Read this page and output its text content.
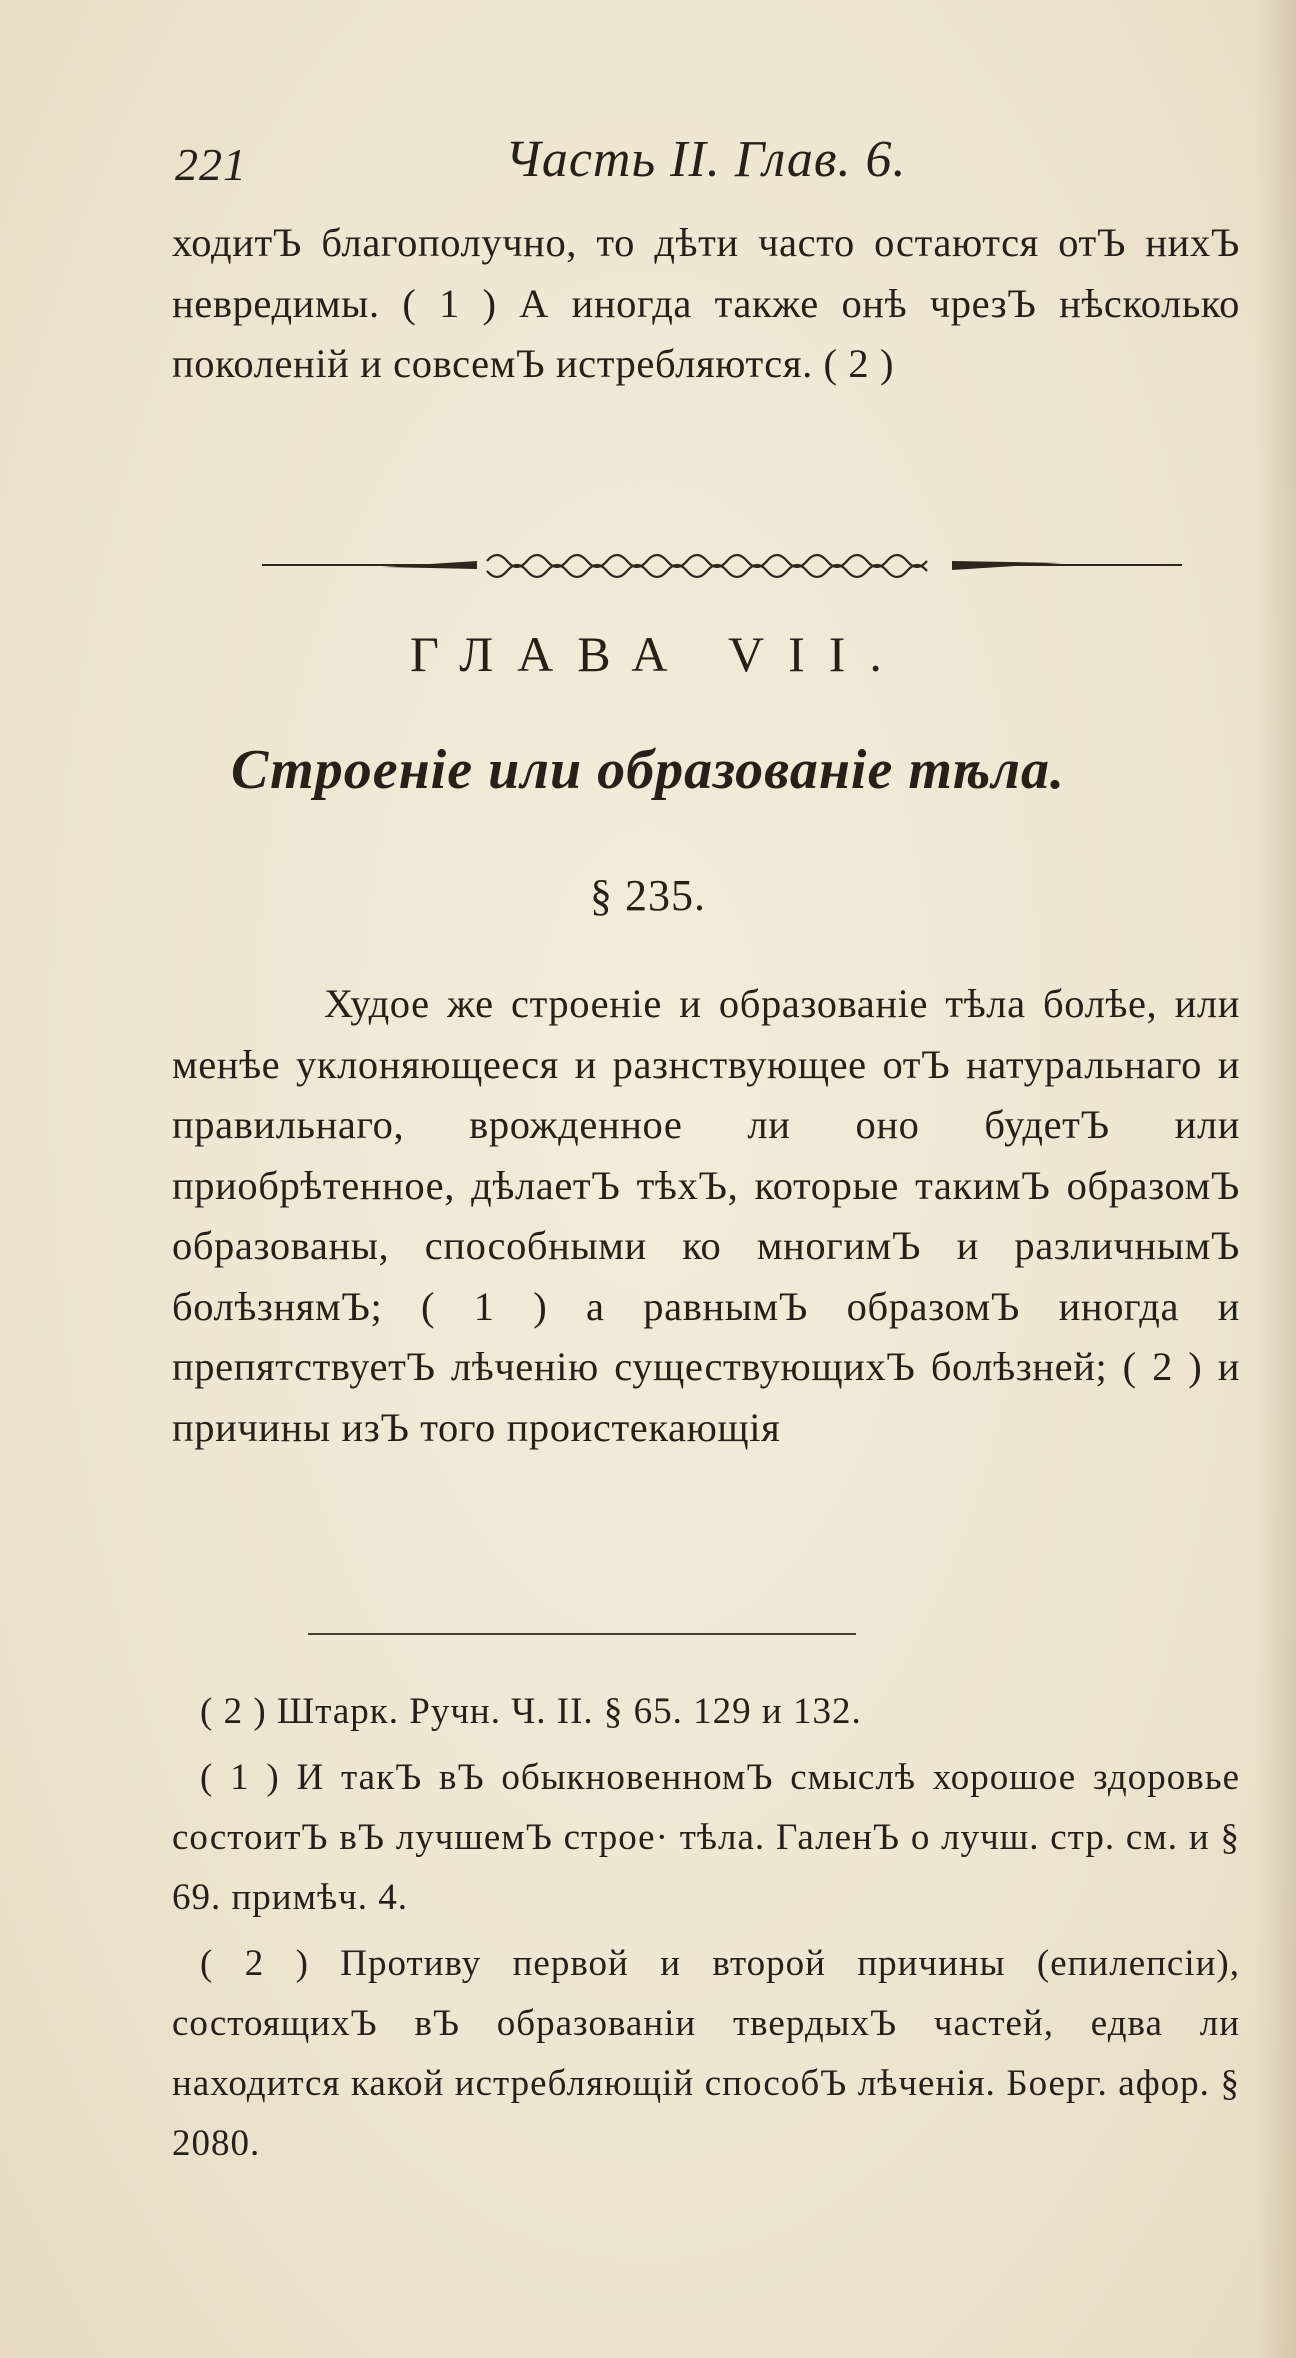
221	Часть II. Глав. 6.

ходитЪ благополучно, то дѣти часто остаются отЪ нихЪ невредимы. ( 1 ) А иногда также онѣ чрезЪ нѣсколько поколеній и совсемЪ истребляются. ( 2 )

ГЛАВА VII.
Строеніе или образованіе тѣла.
§ 235.

Худое же строеніе и образованіе тѣла болѣе, или менѣе уклоняющееся и разнствующее отЪ натуральнаго и правильнаго, врожденное ли оно будетЪ или приобрѣтенное, дѣлаетЪ тѣхЪ, которые такимЪ образомЪ образованы, способными ко многимЪ и различнымЪ болѣзнямЪ; ( 1 ) а равнымЪ образомЪ иногда и препятствуетЪ лѣченію существующихЪ болѣзней; ( 2 ) и причины изЪ того проистекающія

( 2 ) Штарк. Ручн. Ч. II. § 65. 129 и 132.

( 1 ) И такЪ вЪ обыкновенномЪ смыслѣ хорошое здоровье состоитЪ вЪ лучшемЪ строе· тѣла. ГаленЪ о лучш. стр. см. и § 69. примѣч. 4.

( 2 ) Противу первой и второй причины (епилепсіи), состоящихЪ вЪ образованіи твердыхЪ частей, едва ли находится какой истребляющій способЪ лѣченія. Боерг. афор. § 2080.
